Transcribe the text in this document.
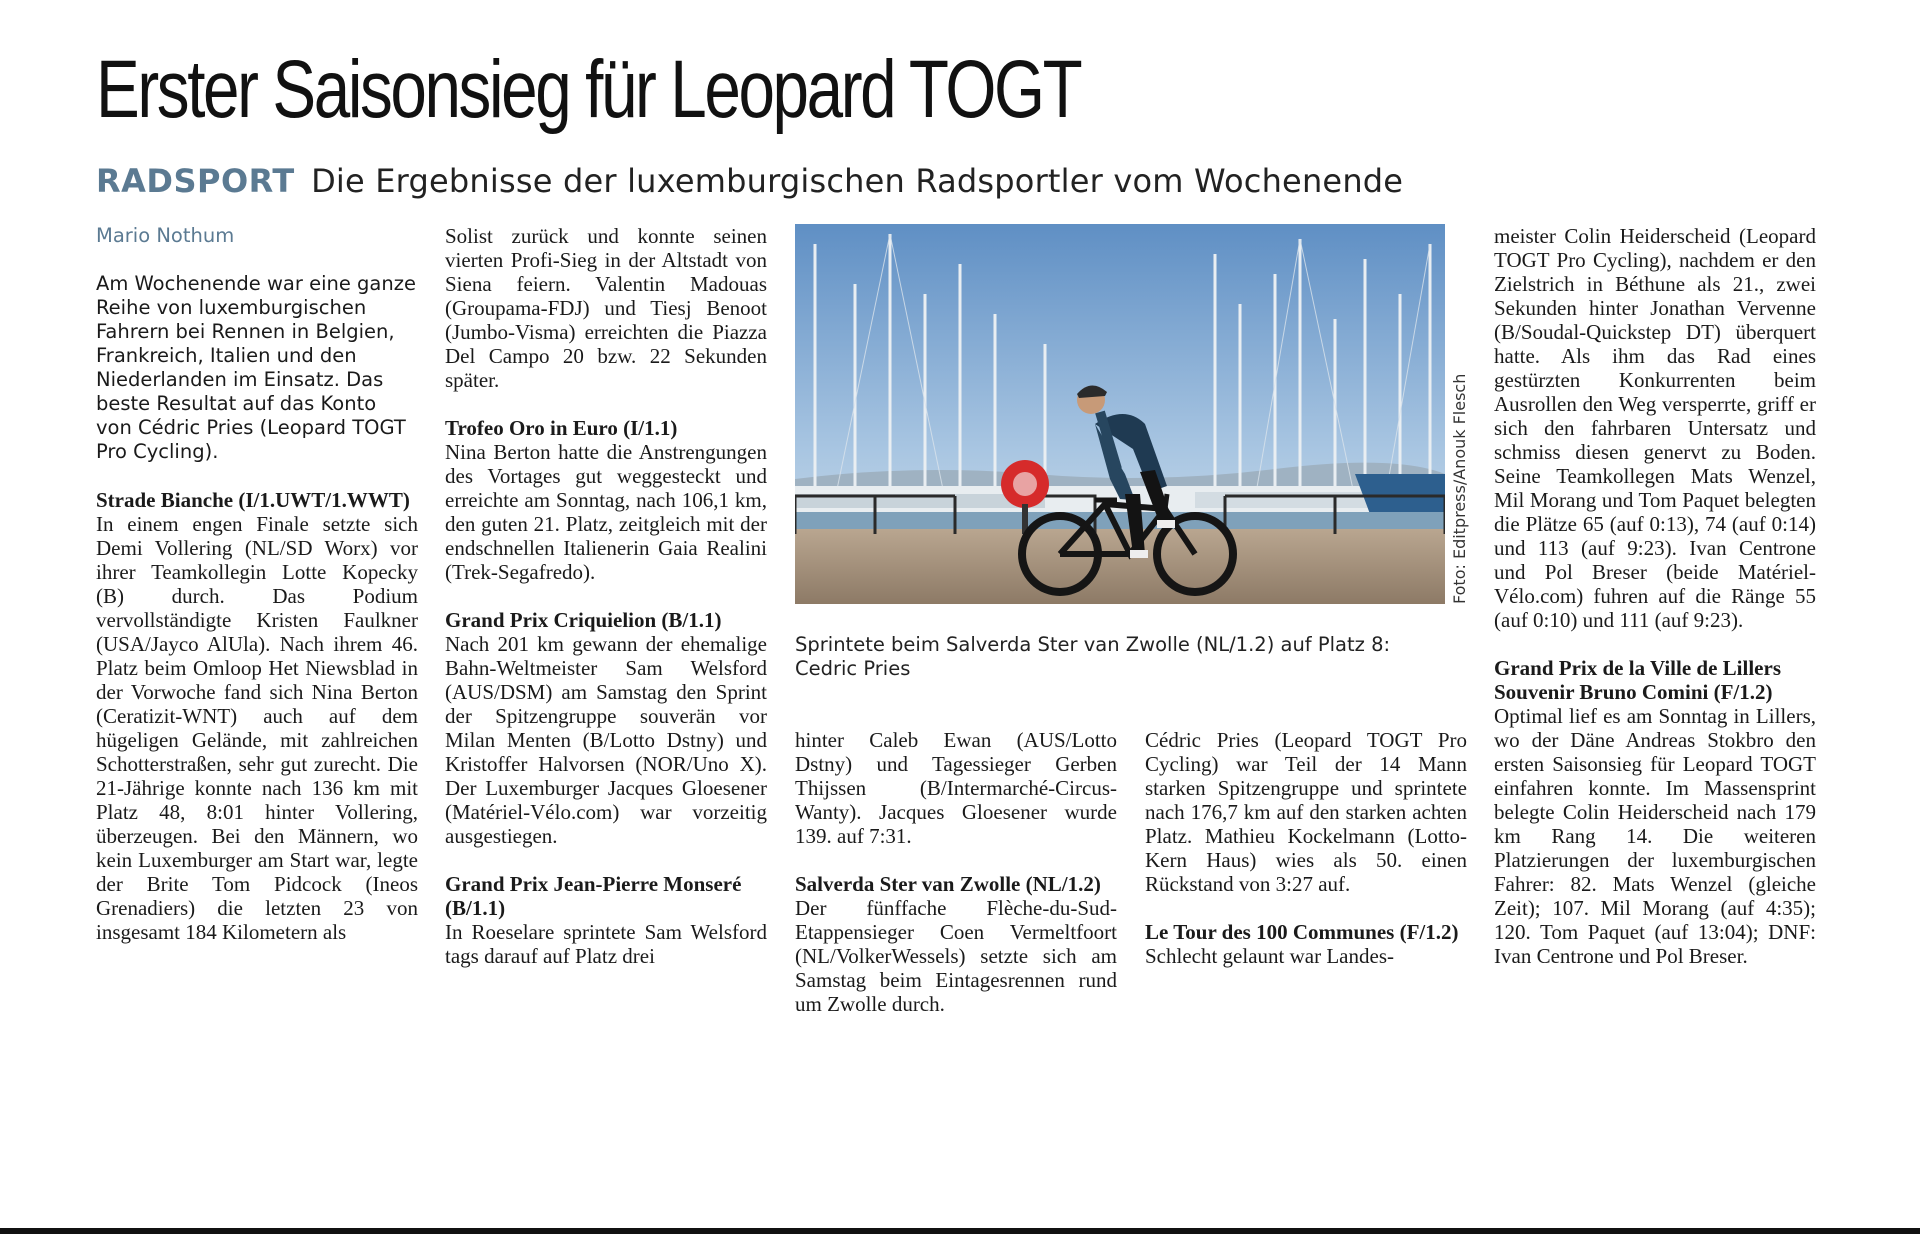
Erster Saisonsieg für Leopard TOGT
RADSPORT Die Ergebnisse der luxemburgischen Radsportler vom Wochenende

Mario Nothum

Am Wochenende war eine ganze Reihe von luxemburgischen Fahrern bei Rennen in Belgien, Frankreich, Italien und den Niederlanden im Einsatz. Das beste Resultat auf das Konto von Cédric Pries (Leopard TOGT Pro Cycling).

Strade Bianche (I/1.UWT/1.WWT)

In einem engen Finale setzte sich Demi Vollering (NL/SD Worx) vor ihrer Teamkollegin Lotte Kopecky (B) durch. Das Podium vervollständigte Kristen Faulkner (USA/Jayco AlUla). Nach ihrem 46. Platz beim Omloop Het Niewsblad in der Vorwoche fand sich Nina Berton (Ceratizit-WNT) auch auf dem hügeligen Gelände, mit zahlreichen Schotterstraßen, sehr gut zurecht. Die 21-Jährige konnte nach 136 km mit Platz 48, 8:01 hinter Vollering, überzeugen. Bei den Männern, wo kein Luxemburger am Start war, legte der Brite Tom Pidcock (Ineos Grenadiers) die letzten 23 von insgesamt 184 Kilometern als

Solist zurück und konnte seinen vierten Profi-Sieg in der Altstadt von Siena feiern. Valentin Madouas (Groupama-FDJ) und Tiesj Benoot (Jumbo-Visma) erreichten die Piazza Del Campo 20 bzw. 22 Sekunden später.

Trofeo Oro in Euro (I/1.1)

Nina Berton hatte die Anstrengungen des Vortages gut weggesteckt und erreichte am Sonntag, nach 106,1 km, den guten 21. Platz, zeitgleich mit der endschnellen Italienerin Gaia Realini (Trek-Segafredo).

Grand Prix Criquielion (B/1.1)

Nach 201 km gewann der ehemalige Bahn-Weltmeister Sam Welsford (AUS/DSM) am Samstag den Sprint der Spitzengruppe souverän vor Milan Menten (B/Lotto Dstny) und Kristoffer Halvorsen (NOR/Uno X). Der Luxemburger Jacques Gloesener (Matériel-Vélo.com) war vorzeitig ausgestiegen.

Grand Prix Jean-Pierre Monseré (B/1.1)

In Roeselare sprintete Sam Welsford tags darauf auf Platz drei

Foto: Editpress/Anouk Flesch
Sprintete beim Salverda Ster van Zwolle (NL/1.2) auf Platz 8: Cedric Pries

hinter Caleb Ewan (AUS/Lotto Dstny) und Tagessieger Gerben Thijssen (B/Intermarché-Circus-Wanty). Jacques Gloesener wurde 139. auf 7:31.

Salverda Ster van Zwolle (NL/1.2)

Der fünffache Flèche-du-Sud-Etappensieger Coen Vermeltfoort (NL/VolkerWessels) setzte sich am Samstag beim Eintagesrennen rund um Zwolle durch.

Cédric Pries (Leopard TOGT Pro Cycling) war Teil der 14 Mann starken Spitzengruppe und sprintete nach 176,7 km auf den starken achten Platz. Mathieu Kockelmann (Lotto-Kern Haus) wies als 50. einen Rückstand von 3:27 auf.

Le Tour des 100 Communes (F/1.2)

Schlecht gelaunt war Landes-

meister Colin Heiderscheid (Leopard TOGT Pro Cycling), nachdem er den Zielstrich in Béthune als 21., zwei Sekunden hinter Jonathan Vervenne (B/Soudal-Quickstep DT) überquert hatte. Als ihm das Rad eines gestürzten Konkurrenten beim Ausrollen den Weg versperrte, griff er sich den fahrbaren Untersatz und schmiss diesen genervt zu Boden. Seine Teamkollegen Mats Wenzel, Mil Morang und Tom Paquet belegten die Plätze 65 (auf 0:13), 74 (auf 0:14) und 113 (auf 9:23). Ivan Centrone und Pol Breser (beide Matériel-Vélo.com) fuhren auf die Ränge 55 (auf 0:10) und 111 (auf 9:23).

Grand Prix de la Ville de Lillers Souvenir Bruno Comini (F/1.2)

Optimal lief es am Sonntag in Lillers, wo der Däne Andreas Stokbro den ersten Saisonsieg für Leopard TOGT einfahren konnte. Im Massensprint belegte Colin Heiderscheid nach 179 km Rang 14. Die weiteren Platzierungen der luxemburgischen Fahrer: 82. Mats Wenzel (gleiche Zeit); 107. Mil Morang (auf 4:35); 120. Tom Paquet (auf 13:04); DNF: Ivan Centrone und Pol Breser.
